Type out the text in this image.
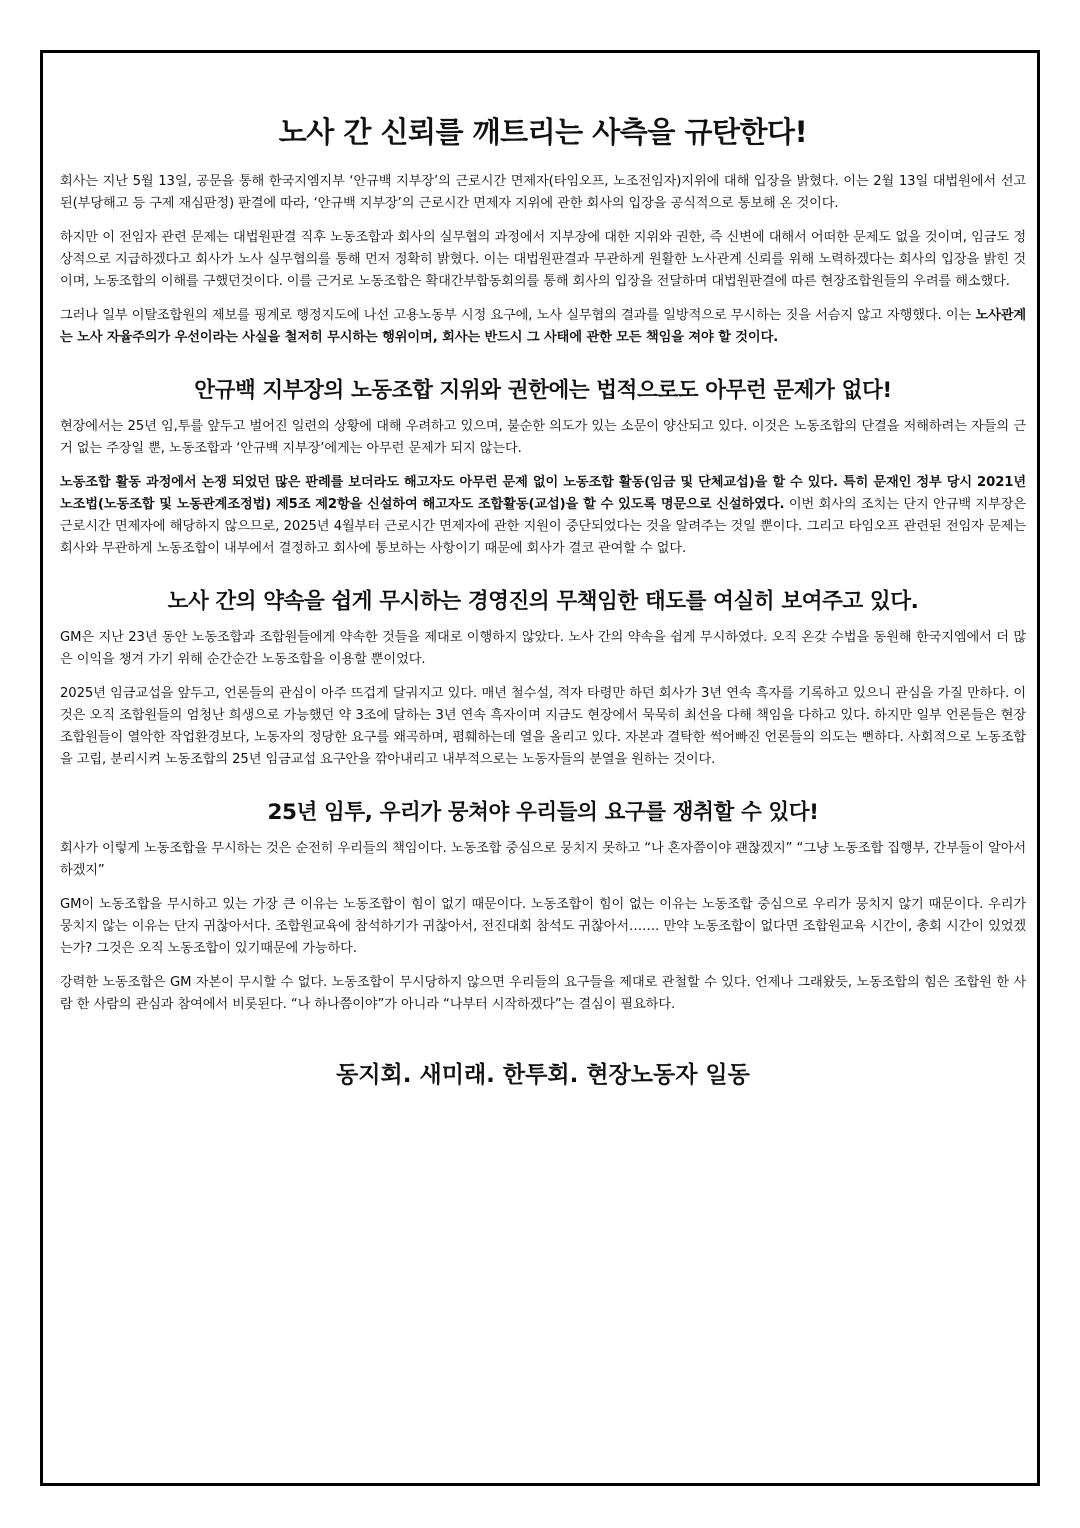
노사 간 신뢰를 깨트리는 사측을 규탄한다!

회사는 지난 5월 13일, 공문을 통해 한국지엠지부 ‘안규백 지부장’의 근로시간 면제자(타임오프, 노조전임자)지위에 대해 입장을 밝혔다. 이는 2월 13일 대법원에서 선고된(부당해고 등 구제 재심판정) 판결에 따라, ‘안규백 지부장’의 근로시간 면제자 지위에 관한 회사의 입장을 공식적으로 통보해 온 것이다.

하지만 이 전임자 관련 문제는 대법원판결 직후 노동조합과 회사의 실무협의 과정에서 지부장에 대한 지위와 권한, 즉 신변에 대해서 어떠한 문제도 없을 것이며, 임금도 정상적으로 지급하겠다고 회사가 노사 실무협의를 통해 먼저 정확히 밝혔다. 이는 대법원판결과 무관하게 원활한 노사관계 신뢰를 위해 노력하겠다는 회사의 입장을 밝힌 것이며, 노동조합의 이해를 구했던것이다. 이를 근거로 노동조합은 확대간부합동회의를 통해 회사의 입장을 전달하며 대법원판결에 따른 현장조합원들의 우려를 해소했다.

그러나 일부 이탈조합원의 제보를 핑계로 행정지도에 나선 고용노동부 시정 요구에, 노사 실무협의 결과를 일방적으로 무시하는 짓을 서슴지 않고 자행했다. 이는 노사관계는 노사 자율주의가 우선이라는 사실을 철저히 무시하는 행위이며, 회사는 반드시 그 사태에 관한 모든 책임을 져야 할 것이다.

안규백 지부장의 노동조합 지위와 권한에는 법적으로도 아무런 문제가 없다!

현장에서는 25년 임,투를 앞두고 벌어진 일련의 상황에 대해 우려하고 있으며, 불순한 의도가 있는 소문이 양산되고 있다. 이것은 노동조합의 단결을 저해하려는 자들의 근거 없는 주장일 뿐, 노동조합과 ‘안규백 지부장’에게는 아무런 문제가 되지 않는다.

노동조합 활동 과정에서 논쟁 되었던 많은 판례를 보더라도 해고자도 아무런 문제 없이 노동조합 활동(임금 및 단체교섭)을 할 수 있다. 특히 문재인 정부 당시 2021년 노조법(노동조합 및 노동관계조정법) 제5조 제2항을 신설하여 해고자도 조합활동(교섭)을 할 수 있도록 명문으로 신설하였다. 이번 회사의 조치는 단지 안규백 지부장은 근로시간 면제자에 해당하지 않으므로, 2025년 4월부터 근로시간 면제자에 관한 지원이 중단되었다는 것을 알려주는 것일 뿐이다. 그리고 타임오프 관련된 전임자 문제는 회사와 무관하게 노동조합이 내부에서 결정하고 회사에 통보하는 사항이기 때문에 회사가 결코 관여할 수 없다.

노사 간의 약속을 쉽게 무시하는 경영진의 무책임한 태도를 여실히 보여주고 있다.

GM은 지난 23년 동안 노동조합과 조합원들에게 약속한 것들을 제대로 이행하지 않았다. 노사 간의 약속을 쉽게 무시하였다. 오직 온갖 수법을 동원해 한국지엠에서 더 많은 이익을 챙겨 가기 위해 순간순간 노동조합을 이용할 뿐이었다.

2025년 임금교섭을 앞두고, 언론들의 관심이 아주 뜨겁게 달궈지고 있다. 매년 철수설, 적자 타령만 하던 회사가 3년 연속 흑자를 기록하고 있으니 관심을 가질 만하다. 이것은 오직 조합원들의 엄청난 희생으로 가능했던 약 3조에 달하는 3년 연속 흑자이며 지금도 현장에서 묵묵히 최선을 다해 책임을 다하고 있다. 하지만 일부 언론들은 현장조합원들이 열악한 작업환경보다, 노동자의 정당한 요구를 왜곡하며, 폄훼하는데 열을 올리고 있다. 자본과 결탁한 썩어빠진 언론들의 의도는 뻔하다. 사회적으로 노동조합을 고립, 분리시켜 노동조합의 25년 임금교섭 요구안을 깎아내리고 내부적으로는 노동자들의 분열을 원하는 것이다.

25년 임투, 우리가 뭉쳐야 우리들의 요구를 쟁취할 수 있다!

회사가 이렇게 노동조합을 무시하는 것은 순전히 우리들의 책임이다. 노동조합 중심으로 뭉치지 못하고 “나 혼자쯤이야 괜찮겠지” “그냥 노동조합 집행부, 간부들이 알아서 하겠지”

GM이 노동조합을 무시하고 있는 가장 큰 이유는 노동조합이 힘이 없기 때문이다. 노동조합이 힘이 없는 이유는 노동조합 중심으로 우리가 뭉치지 않기 때문이다. 우리가 뭉치지 않는 이유는 단지 귀찮아서다. 조합원교육에 참석하기가 귀찮아서, 전진대회 참석도 귀찮아서……. 만약 노동조합이 없다면 조합원교육 시간이, 총회 시간이 있었겠는가? 그것은 오직 노동조합이 있기때문에 가능하다.

강력한 노동조합은 GM 자본이 무시할 수 없다. 노동조합이 무시당하지 않으면 우리들의 요구들을 제대로 관철할 수 있다. 언제나 그래왔듯, 노동조합의 힘은 조합원 한 사람 한 사람의 관심과 참여에서 비롯된다. “나 하나쯤이야”가 아니라 “나부터 시작하겠다”는 결심이 필요하다.

동지회. 새미래. 한투회. 현장노동자 일동
